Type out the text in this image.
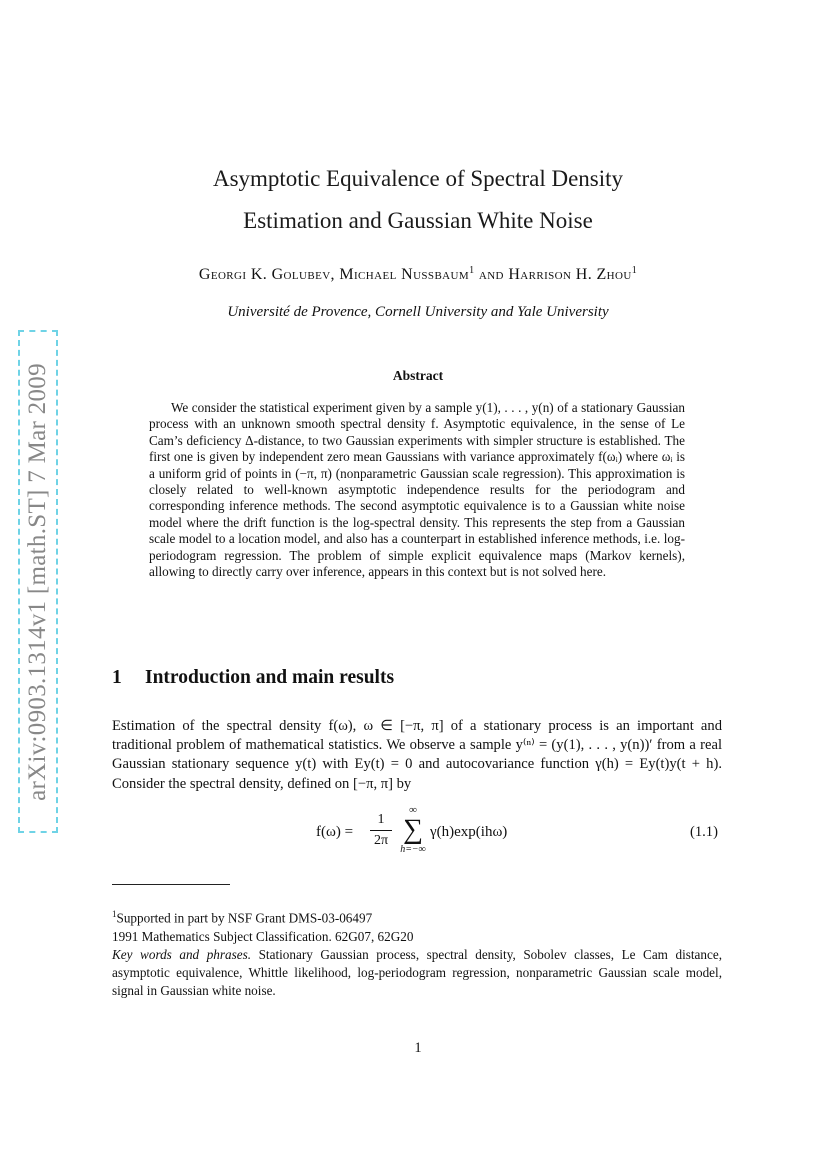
arXiv:0903.1314v1 [math.ST] 7 Mar 2009
Asymptotic Equivalence of Spectral Density
Estimation and Gaussian White Noise
Georgi K. Golubev, Michael Nussbaum$^1$ and Harrison H. Zhou$^1$
Université de Provence, Cornell University and Yale University
Abstract
We consider the statistical experiment given by a sample y(1), . . . , y(n) of a stationary Gaussian process with an unknown smooth spectral density f. Asymptotic equivalence, in the sense of Le Cam’s deficiency Δ-distance, to two Gaussian experiments with simpler structure is established. The first one is given by independent zero mean Gaussians with variance approximately f(ωᵢ) where ωᵢ is a uniform grid of points in (−π, π) (nonparametric Gaussian scale regression). This approximation is closely related to well-known asymptotic independence results for the periodogram and corresponding inference methods. The second asymptotic equivalence is to a Gaussian white noise model where the drift function is the log-spectral density. This represents the step from a Gaussian scale model to a location model, and also has a counterpart in established inference methods, i.e. log-periodogram regression. The problem of simple explicit equivalence maps (Markov kernels), allowing to directly carry over inference, appears in this context but is not solved here.
1 Introduction and main results
Estimation of the spectral density f(ω), ω ∈ [−π, π] of a stationary process is an important and traditional problem of mathematical statistics. We observe a sample y⁽ⁿ⁾ = (y(1), . . . , y(n))′ from a real Gaussian stationary sequence y(t) with Ey(t) = 0 and autocovariance function γ(h) = Ey(t)y(t + h). Consider the spectral density, defined on [−π, π] by
f(ω) =
1
2π
∞
∑
h=−∞
γ(h)exp(ihω)	(1.1)

$^1$Supported in part by NSF Grant DMS-03-06497

1991 Mathematics Subject Classification. 62G07, 62G20

Key words and phrases. Stationary Gaussian process, spectral density, Sobolev classes, Le Cam distance, asymptotic equivalence, Whittle likelihood, log-periodogram regression, nonparametric Gaussian scale model, signal in Gaussian white noise.

1
